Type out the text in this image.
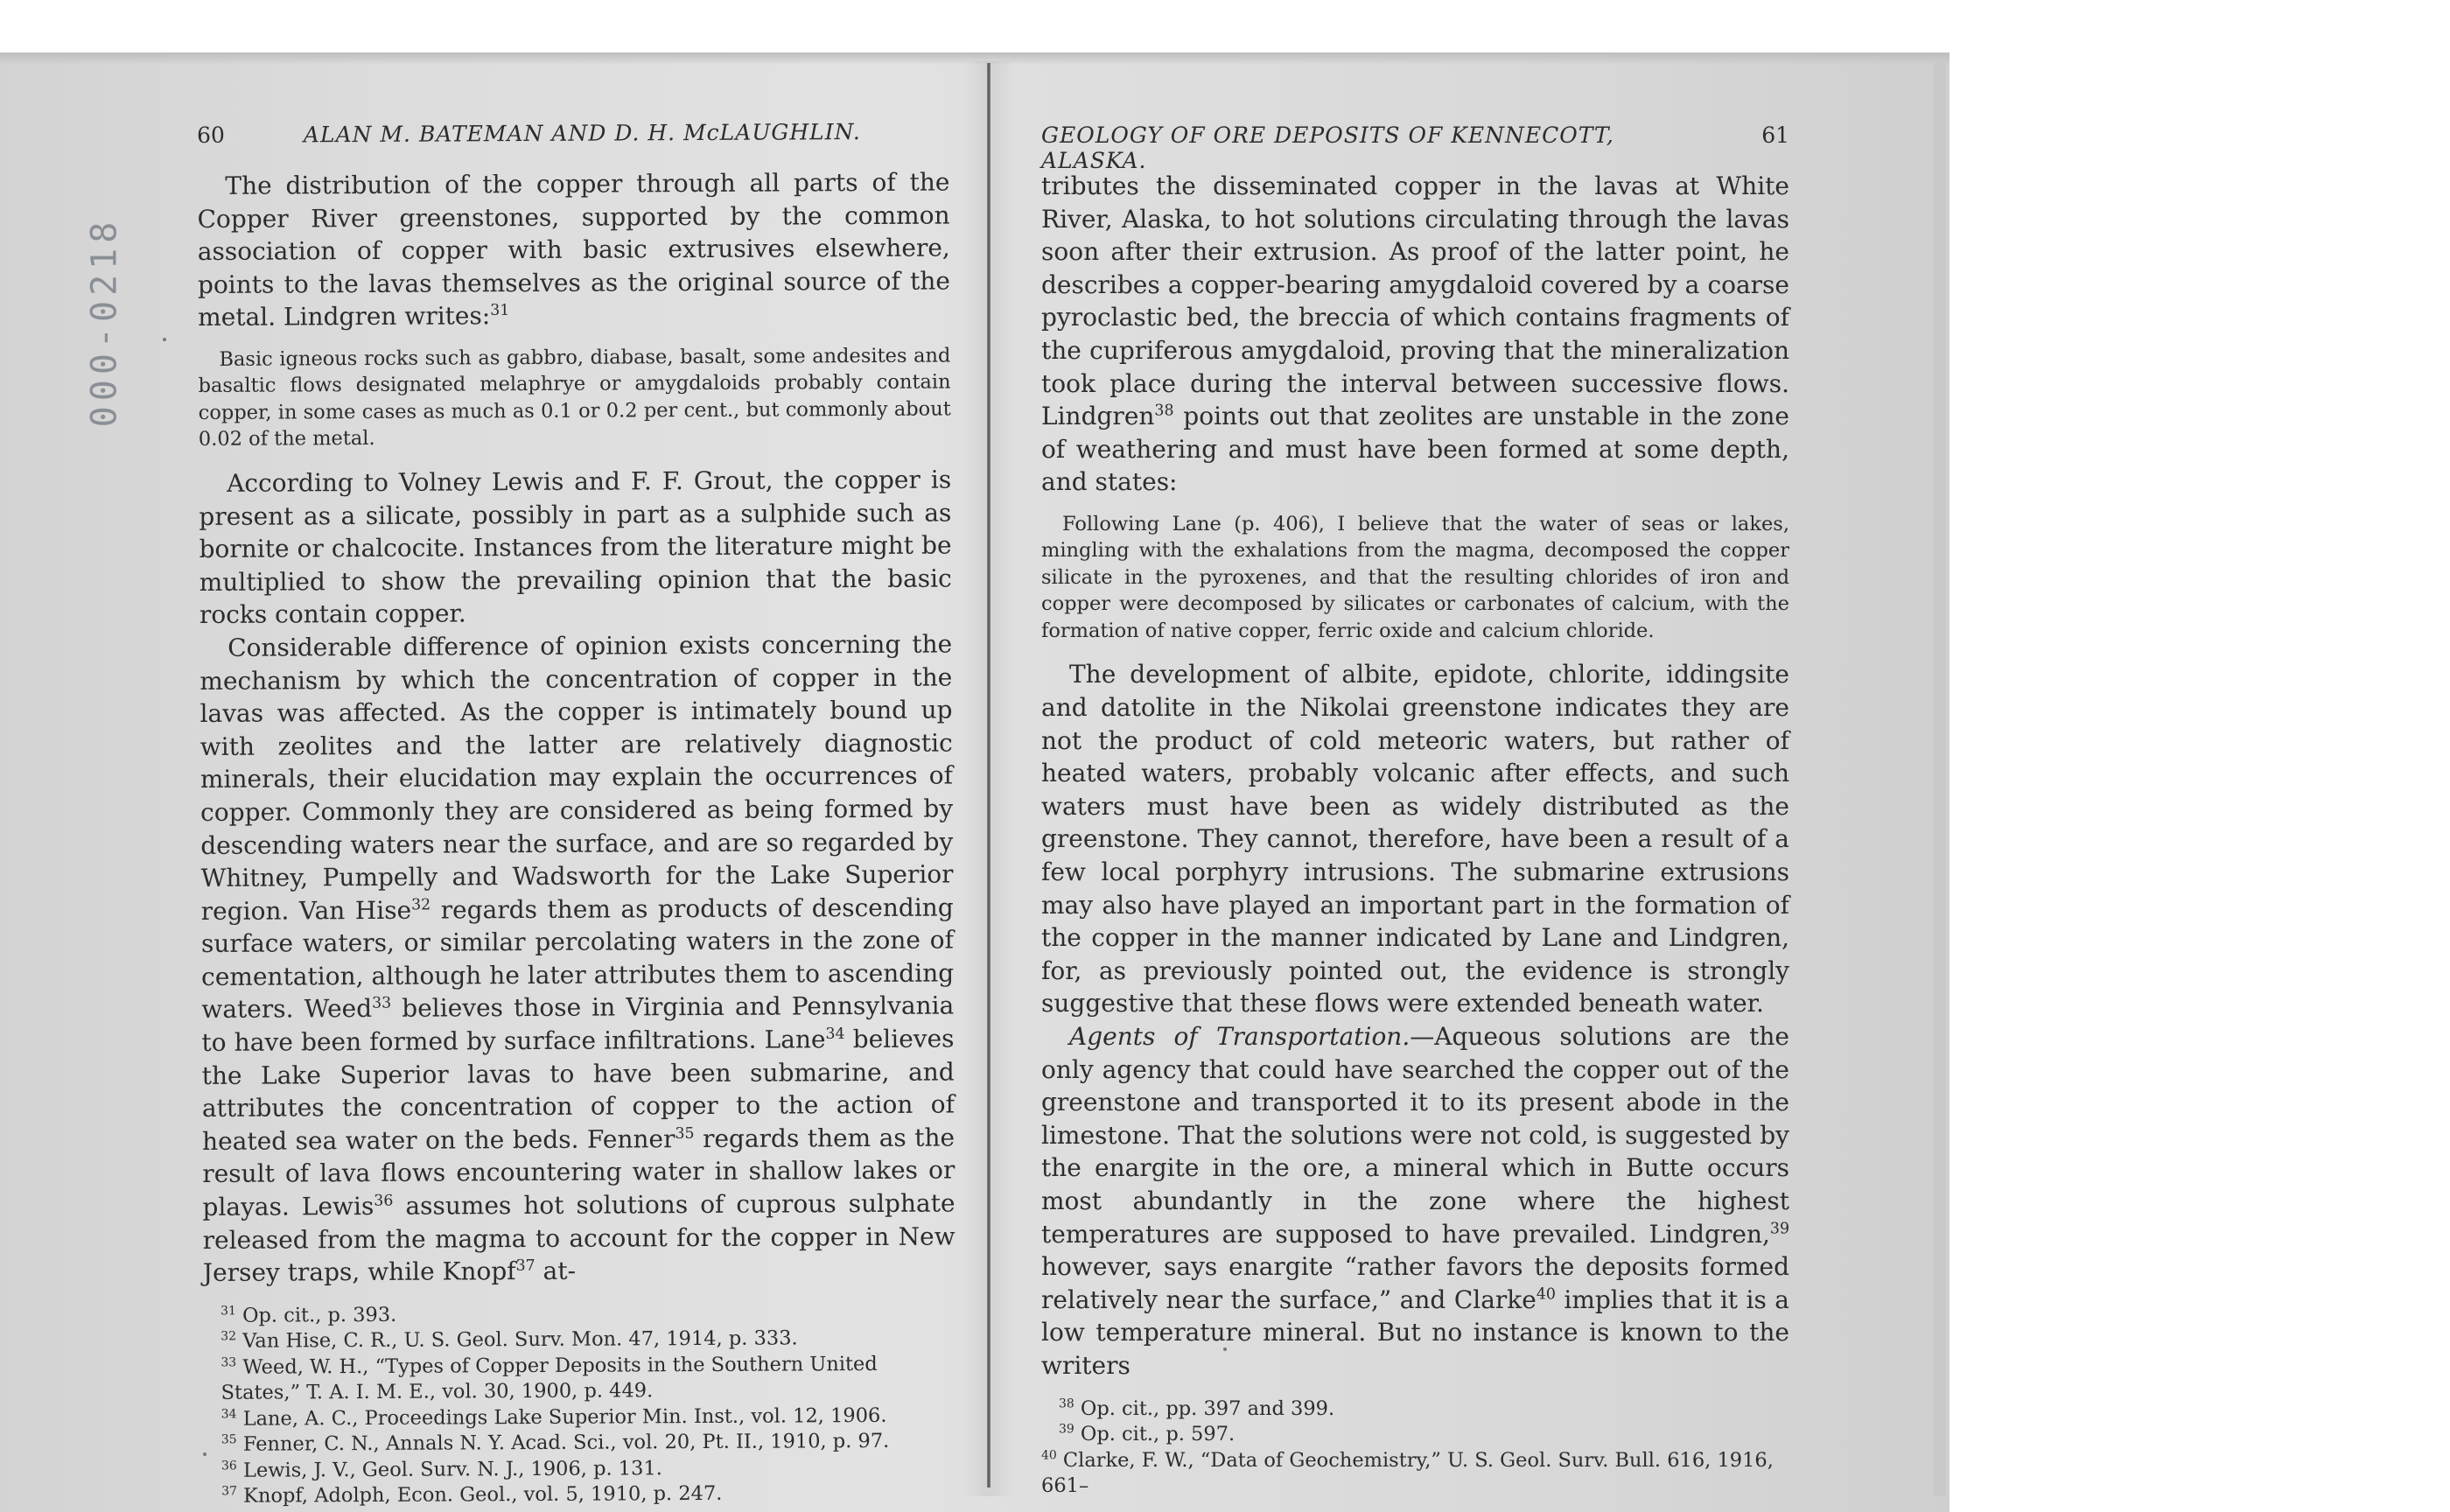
000-0218
60	ALAN M. BATEMAN AND D. H. McLAUGHLIN.

The distribution of the copper through all parts of the Copper River greenstones, supported by the common association of copper with basic extrusives elsewhere, points to the lavas themselves as the original source of the metal. Lindgren writes:$^{31}$

Basic igneous rocks such as gabbro, diabase, basalt, some andesites and basaltic flows designated melaphrye or amygdaloids probably contain copper, in some cases as much as 0.1 or 0.2 per cent., but commonly about 0.02 of the metal.

According to Volney Lewis and F. F. Grout, the copper is present as a silicate, possibly in part as a sulphide such as bornite or chalcocite. Instances from the literature might be multiplied to show the prevailing opinion that the basic rocks contain copper.

Considerable difference of opinion exists concerning the mechanism by which the concentration of copper in the lavas was affected. As the copper is intimately bound up with zeolites and the latter are relatively diagnostic minerals, their elucidation may explain the occurrences of copper. Commonly they are considered as being formed by descending waters near the surface, and are so regarded by Whitney, Pumpelly and Wadsworth for the Lake Superior region. Van Hise$^{32}$ regards them as products of descending surface waters, or similar percolating waters in the zone of cementation, although he later attributes them to ascending waters. Weed$^{33}$ believes those in Virginia and Pennsylvania to have been formed by surface infiltrations. Lane$^{34}$ believes the Lake Superior lavas to have been submarine, and attributes the concentration of copper to the action of heated sea water on the beds. Fenner$^{35}$ regards them as the result of lava flows encountering water in shallow lakes or playas. Lewis$^{36}$ assumes hot solutions of cuprous sulphate released from the magma to account for the copper in New Jersey traps, while Knopf$^{37}$ at-

$^{31}$ Op. cit., p. 393.
$^{32}$ Van Hise, C. R., U. S. Geol. Surv. Mon. 47, 1914, p. 333.
$^{33}$ Weed, W. H., “Types of Copper Deposits in the Southern United States,” T. A. I. M. E., vol. 30, 1900, p. 449.
$^{34}$ Lane, A. C., Proceedings Lake Superior Min. Inst., vol. 12, 1906.
$^{35}$ Fenner, C. N., Annals N. Y. Acad. Sci., vol. 20, Pt. II., 1910, p. 97.
$^{36}$ Lewis, J. V., Geol. Surv. N. J., 1906, p. 131.
$^{37}$ Knopf, Adolph, Econ. Geol., vol. 5, 1910, p. 247.
GEOLOGY OF ORE DEPOSITS OF KENNECOTT, ALASKA.
61

tributes the disseminated copper in the lavas at White River, Alaska, to hot solutions circulating through the lavas soon after their extrusion. As proof of the latter point, he describes a copper-bearing amygdaloid covered by a coarse pyroclastic bed, the breccia of which contains fragments of the cupriferous amygdaloid, proving that the mineralization took place during the interval between successive flows. Lindgren$^{38}$ points out that zeolites are unstable in the zone of weathering and must have been formed at some depth, and states:

Following Lane (p. 406), I believe that the water of seas or lakes, mingling with the exhalations from the magma, decomposed the copper silicate in the pyroxenes, and that the resulting chlorides of iron and copper were decomposed by silicates or carbonates of calcium, with the formation of native copper, ferric oxide and calcium chloride.

The development of albite, epidote, chlorite, iddingsite and datolite in the Nikolai greenstone indicates they are not the product of cold meteoric waters, but rather of heated waters, probably volcanic after effects, and such waters must have been as widely distributed as the greenstone. They cannot, therefore, have been a result of a few local porphyry intrusions. The submarine extrusions may also have played an important part in the formation of the copper in the manner indicated by Lane and Lindgren, for, as previously pointed out, the evidence is strongly suggestive that these flows were extended beneath water.

Agents of Transportation.—Aqueous solutions are the only agency that could have searched the copper out of the greenstone and transported it to its present abode in the limestone. That the solutions were not cold, is suggested by the enargite in the ore, a mineral which in Butte occurs most abundantly in the zone where the highest temperatures are supposed to have prevailed. Lindgren,$^{39}$ however, says enargite “rather favors the deposits formed relatively near the surface,” and Clarke$^{40}$ implies that it is a low temperature mineral. But no instance is known to the writers

$^{38}$ Op. cit., pp. 397 and 399.
$^{39}$ Op. cit., p. 597.
$^{40}$ Clarke, F. W., “Data of Geochemistry,” U. S. Geol. Surv. Bull. 616, 1916, 661–
